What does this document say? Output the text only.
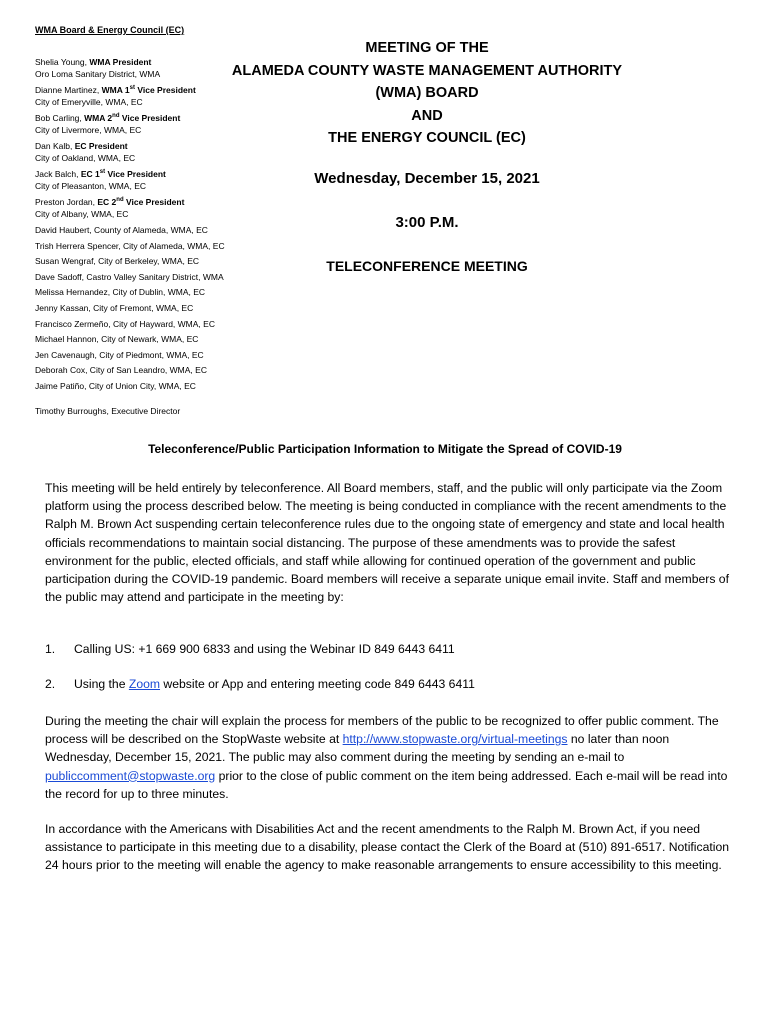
WMA Board & Energy Council (EC)
Shelia Young, WMA President
Oro Loma Sanitary District, WMA
Dianne Martinez, WMA 1st Vice President
City of Emeryville, WMA, EC
Bob Carling, WMA 2nd Vice President
City of Livermore, WMA, EC
Dan Kalb, EC President
City of Oakland, WMA, EC
Jack Balch, EC 1st Vice President
City of Pleasanton, WMA, EC
Preston Jordan, EC 2nd Vice President
City of Albany, WMA, EC
David Haubert, County of Alameda, WMA, EC
Trish Herrera Spencer, City of Alameda, WMA, EC
Susan Wengraf, City of Berkeley, WMA, EC
Dave Sadoff, Castro Valley Sanitary District, WMA
Melissa Hernandez, City of Dublin, WMA, EC
Jenny Kassan, City of Fremont, WMA, EC
Francisco Zermeño, City of Hayward, WMA, EC
Michael Hannon, City of Newark, WMA, EC
Jen Cavenaugh, City of Piedmont, WMA, EC
Deborah Cox, City of San Leandro, WMA, EC
Jaime Patiño, City of Union City, WMA, EC
Timothy Burroughs, Executive Director
MEETING OF THE
ALAMEDA COUNTY WASTE MANAGEMENT AUTHORITY
(WMA) BOARD
AND
THE ENERGY COUNCIL (EC)
Wednesday, December 15, 2021
3:00 P.M.
TELECONFERENCE MEETING
Teleconference/Public Participation Information to Mitigate the Spread of COVID-19

This meeting will be held entirely by teleconference. All Board members, staff, and the public will only participate via the Zoom platform using the process described below. The meeting is being conducted in compliance with the recent amendments to the Ralph M. Brown Act suspending certain teleconference rules due to the ongoing state of emergency and state and local health officials recommendations to maintain social distancing. The purpose of these amendments was to provide the safest environment for the public, elected officials, and staff while allowing for continued operation of the government and public participation during the COVID-19 pandemic. Board members will receive a separate unique email invite. Staff and members of the public may attend and participate in the meeting by:

1. Calling US: +1 669 900 6833 and using the Webinar ID 849 6443 6411
2. Using the Zoom website or App and entering meeting code 849 6443 6411

During the meeting the chair will explain the process for members of the public to be recognized to offer public comment. The process will be described on the StopWaste website at http://www.stopwaste.org/virtual-meetings no later than noon Wednesday, December 15, 2021. The public may also comment during the meeting by sending an e-mail to publiccomment@stopwaste.org prior to the close of public comment on the item being addressed. Each e-mail will be read into the record for up to three minutes.

In accordance with the Americans with Disabilities Act and the recent amendments to the Ralph M. Brown Act, if you need assistance to participate in this meeting due to a disability, please contact the Clerk of the Board at (510) 891-6517. Notification 24 hours prior to the meeting will enable the agency to make reasonable arrangements to ensure accessibility to this meeting.
